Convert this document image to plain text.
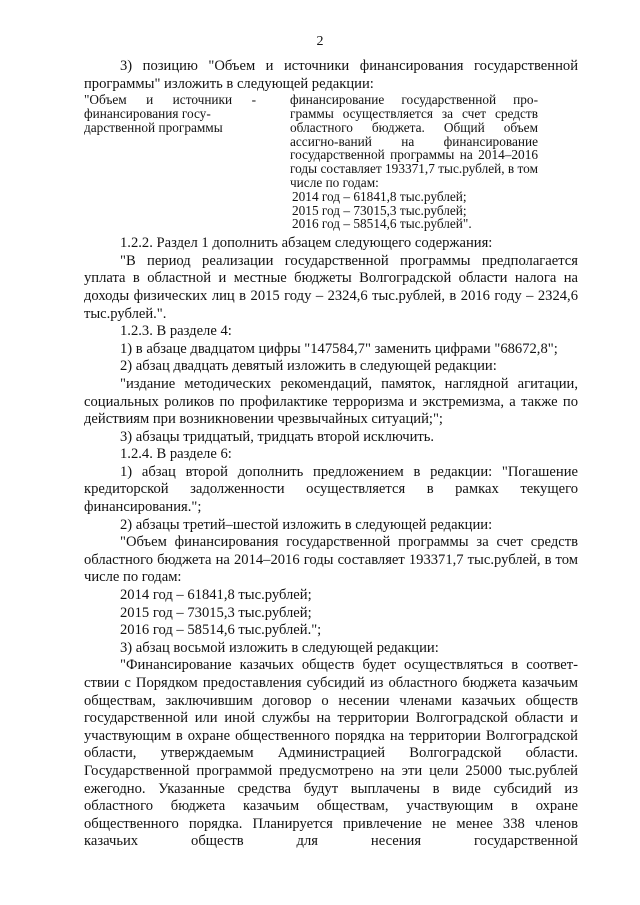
2

3) позицию "Объем и источники финансирования государственной программы" изложить в следующей редакции:

"Объем и источники -
финансирования госу-
дарственной программы
финансирование государственной про-граммы осуществляется за счет средств областного бюджета. Общий объем ассигно-ваний на финансирование государственной программы на 2014–2016 годы составляет 193371,7 тыс.рублей, в том числе по годам:
2014 год – 61841,8 тыс.рублей;
2015 год – 73015,3 тыс.рублей;
2016 год – 58514,6 тыс.рублей".

1.2.2. Раздел 1 дополнить абзацем следующего содержания:

"В период реализации государственной программы предполагается уплата в областной и местные бюджеты Волгоградской области налога на доходы физических лиц в 2015 году – 2324,6 тыс.рублей, в 2016 году – 2324,6 тыс.рублей.".

1.2.3. В разделе 4:

1) в абзаце двадцатом цифры "147584,7" заменить цифрами "68672,8";

2) абзац двадцать девятый изложить в следующей редакции:

"издание методических рекомендаций, памяток, наглядной агитации, социальных роликов по профилактике терроризма и экстремизма, а также по действиям при возникновении чрезвычайных ситуаций;";

3) абзацы тридцатый, тридцать второй исключить.

1.2.4. В разделе 6:

1) абзац второй дополнить предложением в редакции: "Погашение кредиторской задолженности осуществляется в рамках текущего финансирования.";

2) абзацы третий–шестой изложить в следующей редакции:

"Объем финансирования государственной программы за счет средств областного бюджета на 2014–2016 годы составляет 193371,7 тыс.рублей, в том числе по годам:

2014 год – 61841,8 тыс.рублей;

2015 год – 73015,3 тыс.рублей;

2016 год – 58514,6 тыс.рублей.";

3) абзац восьмой изложить в следующей редакции:

"Финансирование казачьих обществ будет осуществляться в соответ-ствии с Порядком предоставления субсидий из областного бюджета казачьим обществам, заключившим договор о несении членами казачьих обществ государственной или иной службы на территории Волгоградской области и участвующим в охране общественного порядка на территории Волгоградской области, утверждаемым Администрацией Волгоградской области. Государственной программой предусмотрено на эти цели 25000 тыс.рублей ежегодно. Указанные средства будут выплачены в виде субсидий из областного бюджета казачьим обществам, участвующим в охране общественного порядка. Планируется привлечение не менее 338 членов казачьих обществ для несения государственной
